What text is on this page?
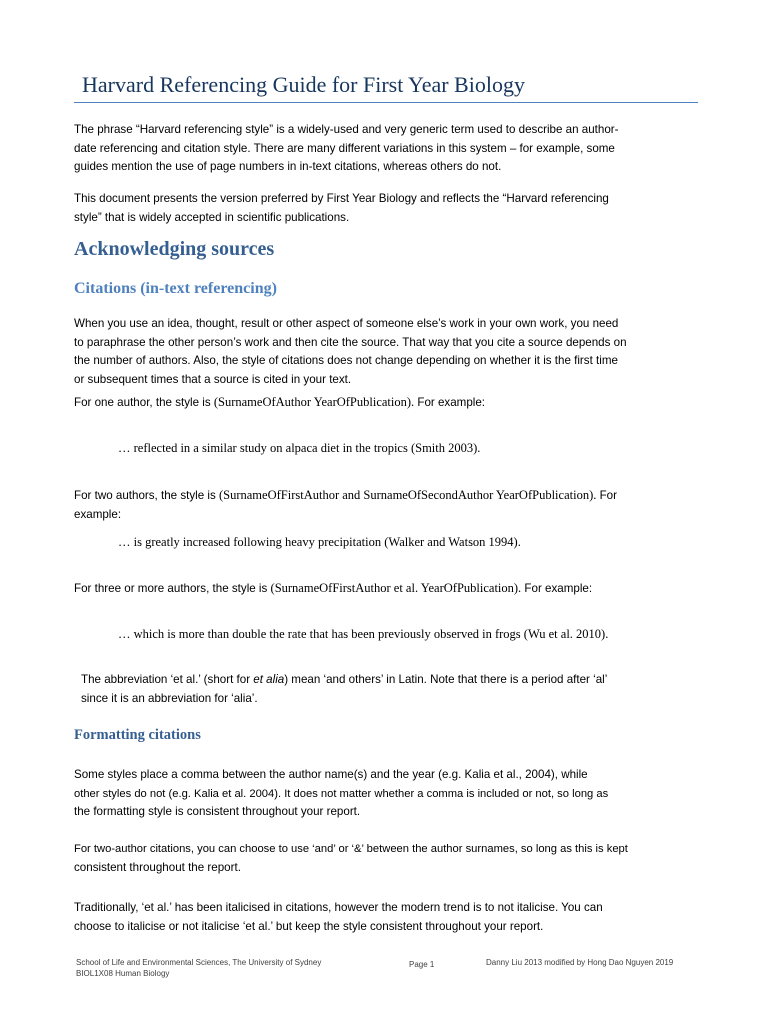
Harvard Referencing Guide for First Year Biology
The phrase “Harvard referencing style” is a widely-used and very generic term used to describe an author-
date referencing and citation style. There are many different variations in this system – for example, some
guides mention the use of page numbers in in-text citations, whereas others do not.
This document presents the version preferred by First Year Biology and reflects the “Harvard referencing
style” that is widely accepted in scientific publications.
Acknowledging sources
Citations (in-text referencing)
When you use an idea, thought, result or other aspect of someone else’s work in your own work, you need
to paraphrase the other person’s work and then cite the source. That way that you cite a source depends on
the number of authors. Also, the style of citations does not change depending on whether it is the first time
or subsequent times that a source is cited in your text.
For one author, the style is (SurnameOfAuthor YearOfPublication). For example:
… reflected in a similar study on alpaca diet in the tropics (Smith 2003).
For two authors, the style is (SurnameOfFirstAuthor and SurnameOfSecondAuthor YearOfPublication). For
example:
… is greatly increased following heavy precipitation (Walker and Watson 1994).
For three or more authors, the style is (SurnameOfFirstAuthor et al. YearOfPublication). For example:
… which is more than double the rate that has been previously observed in frogs (Wu et al. 2010).
The abbreviation ‘et al.’ (short for et alia) mean ‘and others’ in Latin. Note that there is a period after ‘al’
since it is an abbreviation for ‘alia’.
Formatting citations
Some styles place a comma between the author name(s) and the year (e.g. Kalia et al., 2004), while
other styles do not (e.g. Kalia et al. 2004). It does not matter whether a comma is included or not, so long as
the formatting style is consistent throughout your report.
For two-author citations, you can choose to use ‘and’ or ‘&’ between the author surnames, so long as this is kept
consistent throughout the report.
Traditionally, ‘et al.’ has been italicised in citations, however the modern trend is to not italicise. You can
choose to italicise or not italicise ‘et al.’ but keep the style consistent throughout your report.
School of Life and Environmental Sciences, The University of Sydney
BIOL1X08 Human Biology
Page 1	Danny Liu 2013 modified by Hong Dao Nguyen 2019
